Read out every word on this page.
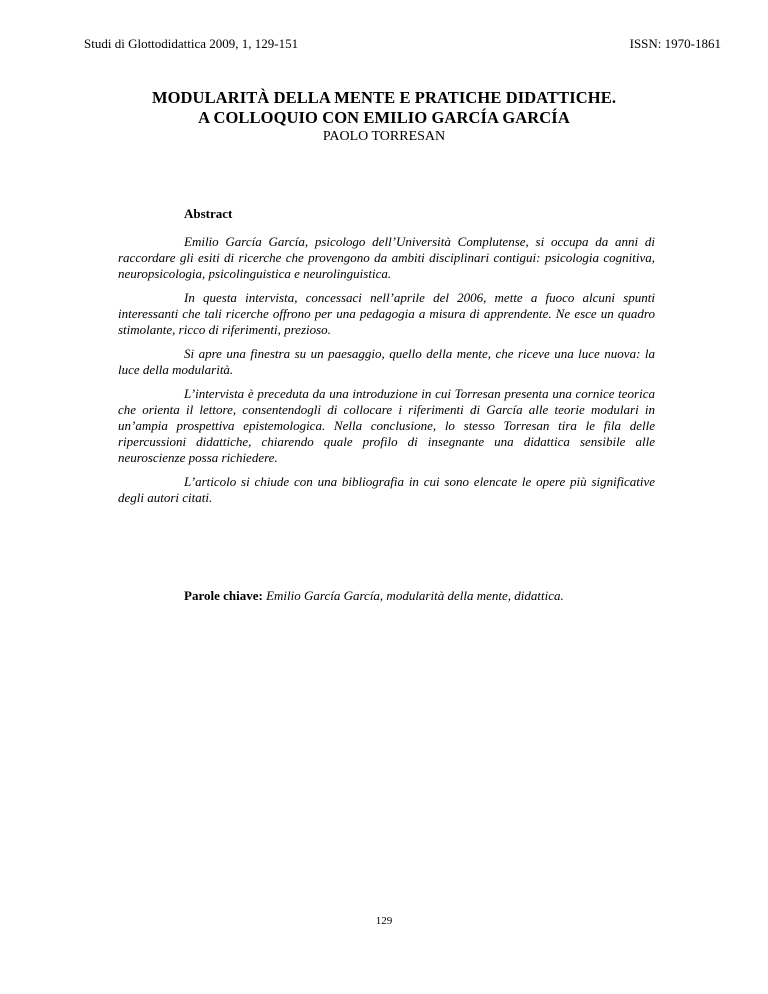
Studi di Glottodidattica 2009, 1, 129-151	ISSN: 1970-1861
MODULARITÀ DELLA MENTE E PRATICHE DIDATTICHE.
A COLLOQUIO CON EMILIO GARCÍA GARCÍA
PAOLO TORRESAN
Abstract

Emilio García García, psicologo dell’Università Complutense, si occupa da anni di raccordare gli esiti di ricerche che provengono da ambiti disciplinari contigui: psicologia cognitiva, neuropsicologia, psicolinguistica e neurolinguistica.

In questa intervista, concessaci nell’aprile del 2006, mette a fuoco alcuni spunti interessanti che tali ricerche offrono per una pedagogia a misura di apprendente. Ne esce un quadro stimolante, ricco di riferimenti, prezioso.

Si apre una finestra su un paesaggio, quello della mente, che riceve una luce nuova: la luce della modularità.

L’intervista è preceduta da una introduzione in cui Torresan presenta una cornice teorica che orienta il lettore, consentendogli di collocare i riferimenti di García alle teorie modulari in un’ampia prospettiva epistemologica. Nella conclusione, lo stesso Torresan tira le fila delle ripercussioni didattiche, chiarendo quale profilo di insegnante una didattica sensibile alle neuroscienze possa richiedere.

L’articolo si chiude con una bibliografia in cui sono elencate le opere più significative degli autori citati.

Parole chiave: Emilio García García, modularità della mente, didattica.
129
